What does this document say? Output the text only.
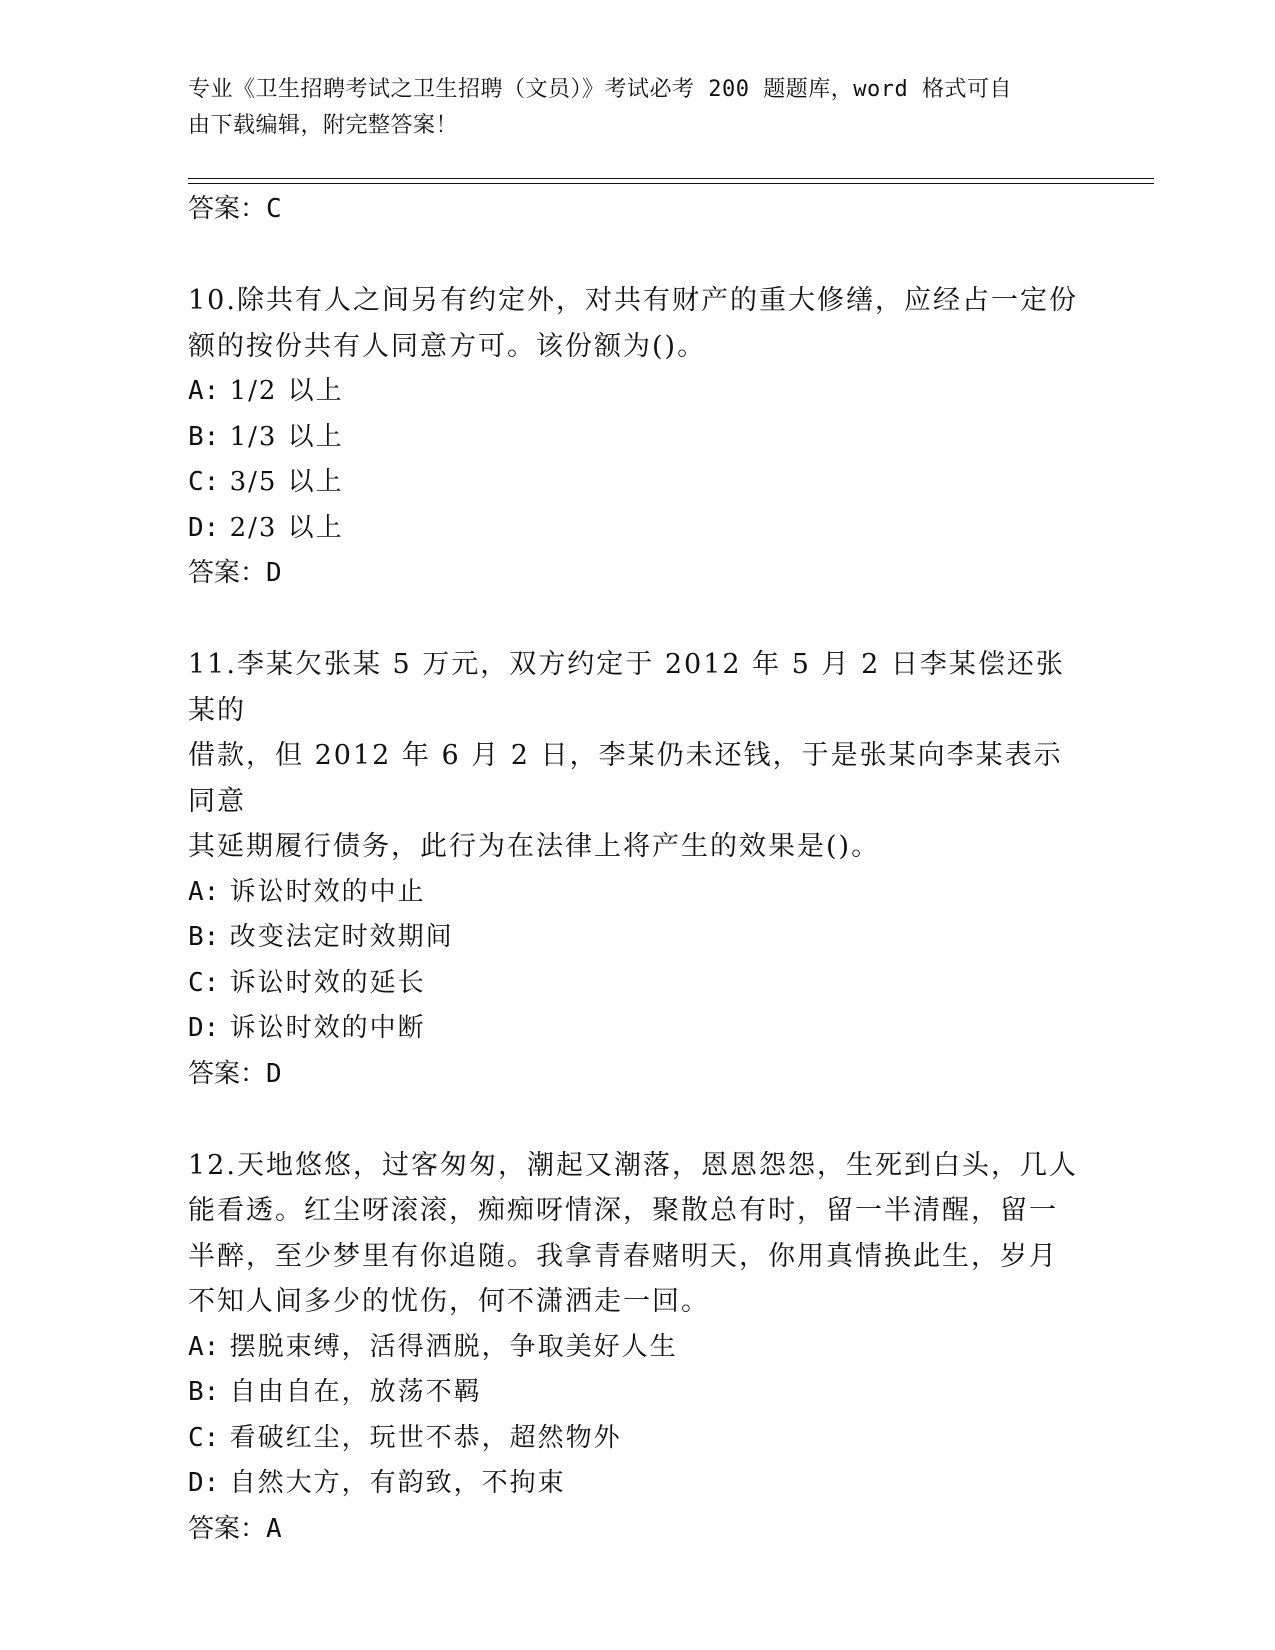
专业《卫生招聘考试之卫生招聘（文员）》考试必考 200 题题库，word 格式可自
由下载编辑，附完整答案！

答案：C

10.除共有人之间另有约定外，对共有财产的重大修缮，应经占一定份

额的按份共有人同意方可。该份额为()。

A: 1/2 以上

B: 1/3 以上

C: 3/5 以上

D: 2/3 以上

答案：D

11.李某欠张某 5 万元，双方约定于 2012 年 5 月 2 日李某偿还张某的

借款，但 2012 年 6 月 2 日，李某仍未还钱，于是张某向李某表示同意

其延期履行债务，此行为在法律上将产生的效果是()。

A: 诉讼时效的中止

B: 改变法定时效期间

C: 诉讼时效的延长

D: 诉讼时效的中断

答案：D

12.天地悠悠，过客匆匆，潮起又潮落，恩恩怨怨，生死到白头，几人

能看透。红尘呀滚滚，痴痴呀情深，聚散总有时，留一半清醒，留一

半醉，至少梦里有你追随。我拿青春赌明天，你用真情换此生，岁月

不知人间多少的忧伤，何不潇洒走一回。

A: 摆脱束缚，活得洒脱，争取美好人生

B: 自由自在，放荡不羁

C: 看破红尘，玩世不恭，超然物外

D: 自然大方，有韵致，不拘束

答案：A
